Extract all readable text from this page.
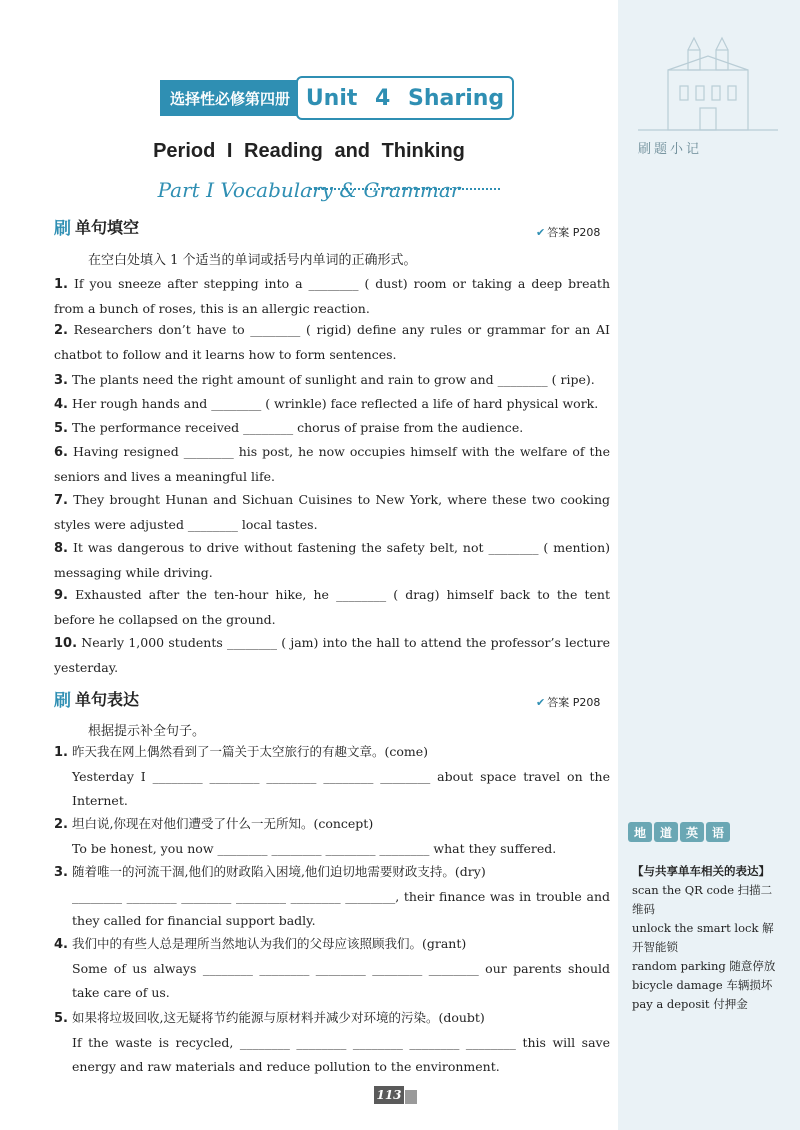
刷题小记
地	道	英	语
【与共享单车相关的表达】
scan the QR code 扫描二维码
unlock the smart lock 解开智能锁
random parking 随意停放
bicycle damage 车辆损坏
pay a deposit 付押金
选择性必修第四册 Unit 4 Sharing
Period I Reading and Thinking
Part I Vocabulary & Grammar
刷 单句填空	✔ 答案 P208
在空白处填入 1 个适当的单词或括号内单词的正确形式。
1. If you sneeze after stepping into a ________ ( dust) room or taking a deep breath from a bunch of roses, this is an allergic reaction.
2. Researchers don’t have to ________ ( rigid) define any rules or grammar for an AI chatbot to follow and it learns how to form sentences.
3. The plants need the right amount of sunlight and rain to grow and ________ ( ripe).
4. Her rough hands and ________ ( wrinkle) face reflected a life of hard physical work.
5. The performance received ________ chorus of praise from the audience.
6. Having resigned ________ his post, he now occupies himself with the welfare of the seniors and lives a meaningful life.
7. They brought Hunan and Sichuan Cuisines to New York, where these two cooking styles were adjusted ________ local tastes.
8. It was dangerous to drive without fastening the safety belt, not ________ ( mention) messaging while driving.
9. Exhausted after the ten-hour hike, he ________ ( drag) himself back to the tent before he collapsed on the ground.
10. Nearly 1,000 students ________ ( jam) into the hall to attend the professor’s lecture yesterday.
刷 单句表达	✔ 答案 P208
根据提示补全句子。
1. 昨天我在网上偶然看到了一篇关于太空旅行的有趣文章。(come)
Yesterday I ________ ________ ________ ________ ________ about space travel on the Internet.
2. 坦白说,你现在对他们遭受了什么一无所知。(concept)
To be honest, you now ________ ________ ________ ________ what they suffered.
3. 随着唯一的河流干涸,他们的财政陷入困境,他们迫切地需要财政支持。(dry)
________ ________ ________ ________ ________ ________, their finance was in trouble and they called for financial support badly.
4. 我们中的有些人总是理所当然地认为我们的父母应该照顾我们。(grant)
Some of us always ________ ________ ________ ________ ________ our parents should take care of us.
5. 如果将垃圾回收,这无疑将节约能源与原材料并减少对环境的污染。(doubt)
If the waste is recycled, ________ ________ ________ ________ ________ this will save energy and raw materials and reduce pollution to the environment.
113
